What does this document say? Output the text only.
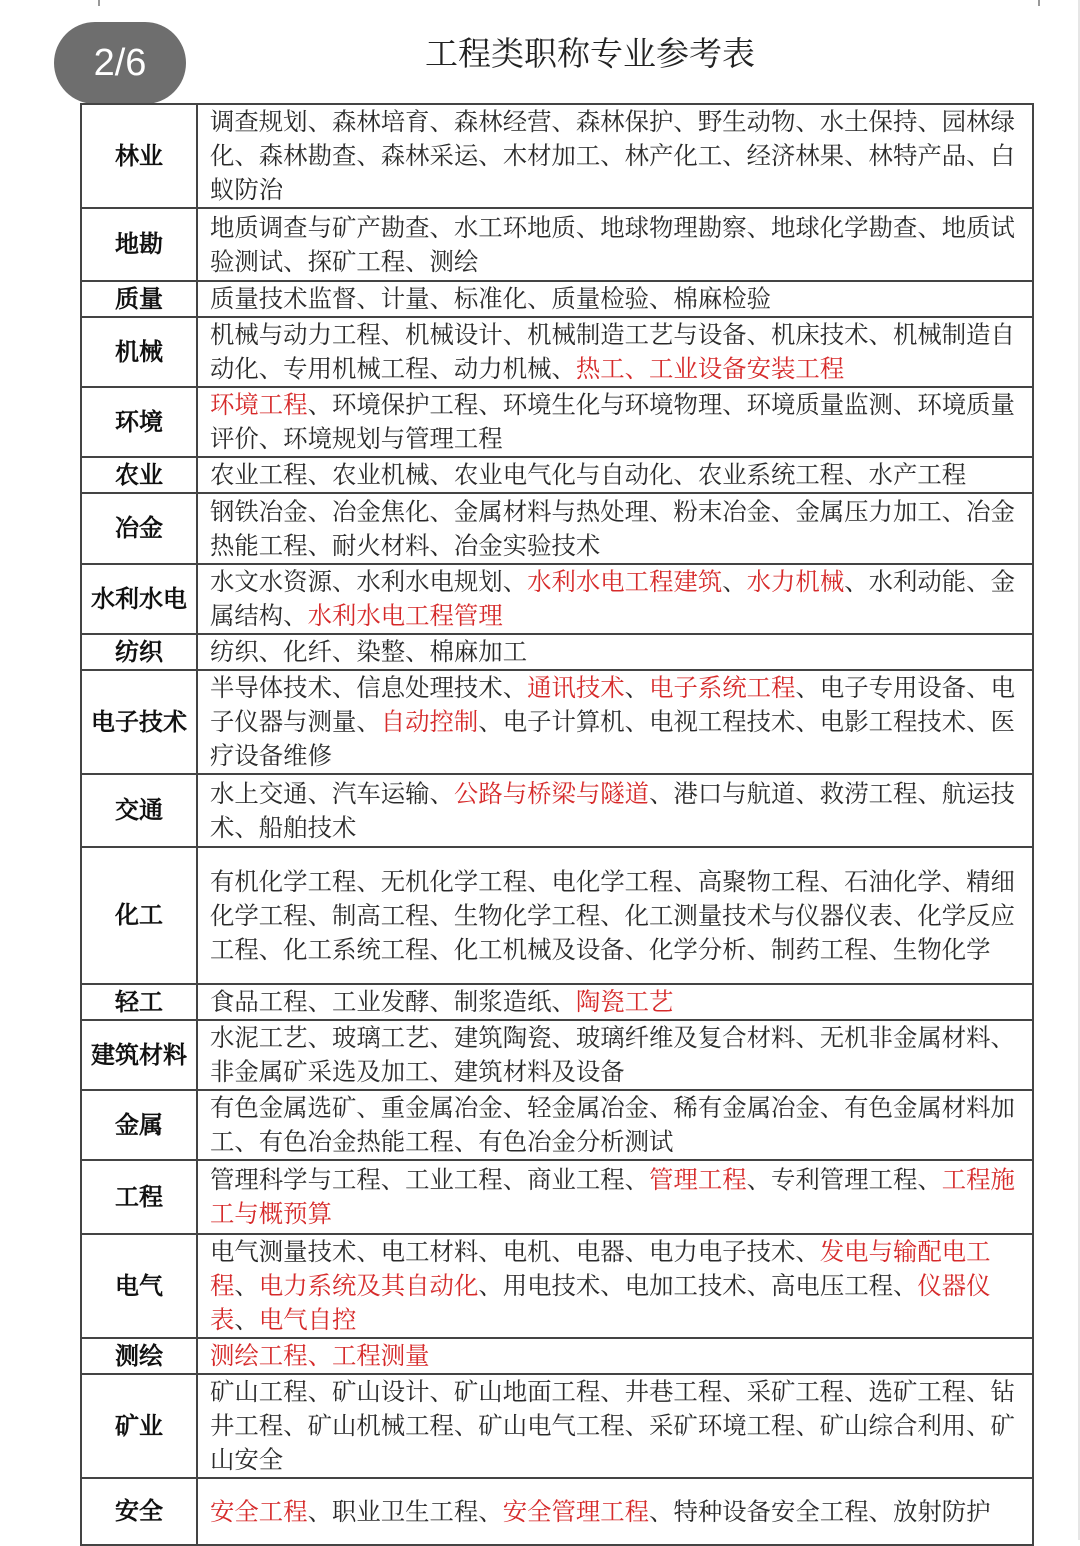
2/6	工程类职称专业参考表
林业	调查规划、森林培育、森林经营、森林保护、野生动物、水土保持、园林绿化、森林勘查、森林采运、木材加工、林产化工、经济林果、林特产品、白蚁防治
地勘	地质调查与矿产勘查、水工环地质、地球物理勘察、地球化学勘查、地质试验测试、探矿工程、测绘
质量	质量技术监督、计量、标准化、质量检验、棉麻检验
机械	机械与动力工程、机械设计、机械制造工艺与设备、机床技术、机械制造自动化、专用机械工程、动力机械、热工、工业设备安装工程
环境	环境工程、环境保护工程、环境生化与环境物理、环境质量监测、环境质量评价、环境规划与管理工程
农业	农业工程、农业机械、农业电气化与自动化、农业系统工程、水产工程
冶金	钢铁冶金、冶金焦化、金属材料与热处理、粉末冶金、金属压力加工、冶金热能工程、耐火材料、冶金实验技术
水利水电	水文水资源、水利水电规划、水利水电工程建筑、水力机械、水利动能、金属结构、水利水电工程管理
纺织	纺织、化纤、染整、棉麻加工
电子技术	半导体技术、信息处理技术、通讯技术、电子系统工程、电子专用设备、电子仪器与测量、自动控制、电子计算机、电视工程技术、电影工程技术、医疗设备维修
交通	水上交通、汽车运输、公路与桥梁与隧道、港口与航道、救涝工程、航运技术、船舶技术
化工	有机化学工程、无机化学工程、电化学工程、高聚物工程、石油化学、精细化学工程、制高工程、生物化学工程、化工测量技术与仪器仪表、化学反应工程、化工系统工程、化工机械及设备、化学分析、制药工程、生物化学
轻工	食品工程、工业发酵、制浆造纸、陶瓷工艺
建筑材料	水泥工艺、玻璃工艺、建筑陶瓷、玻璃纤维及复合材料、无机非金属材料、非金属矿采选及加工、建筑材料及设备
金属	有色金属选矿、重金属冶金、轻金属冶金、稀有金属冶金、有色金属材料加工、有色冶金热能工程、有色冶金分析测试
工程	管理科学与工程、工业工程、商业工程、管理工程、专利管理工程、工程施工与概预算
电气	电气测量技术、电工材料、电机、电器、电力电子技术、发电与输配电工程、电力系统及其自动化、用电技术、电加工技术、高电压工程、仪器仪表、电气自控
测绘	测绘工程、工程测量
矿业	矿山工程、矿山设计、矿山地面工程、井巷工程、采矿工程、选矿工程、钻井工程、矿山机械工程、矿山电气工程、采矿环境工程、矿山综合利用、矿山安全
安全	安全工程、职业卫生工程、安全管理工程、特种设备安全工程、放射防护
